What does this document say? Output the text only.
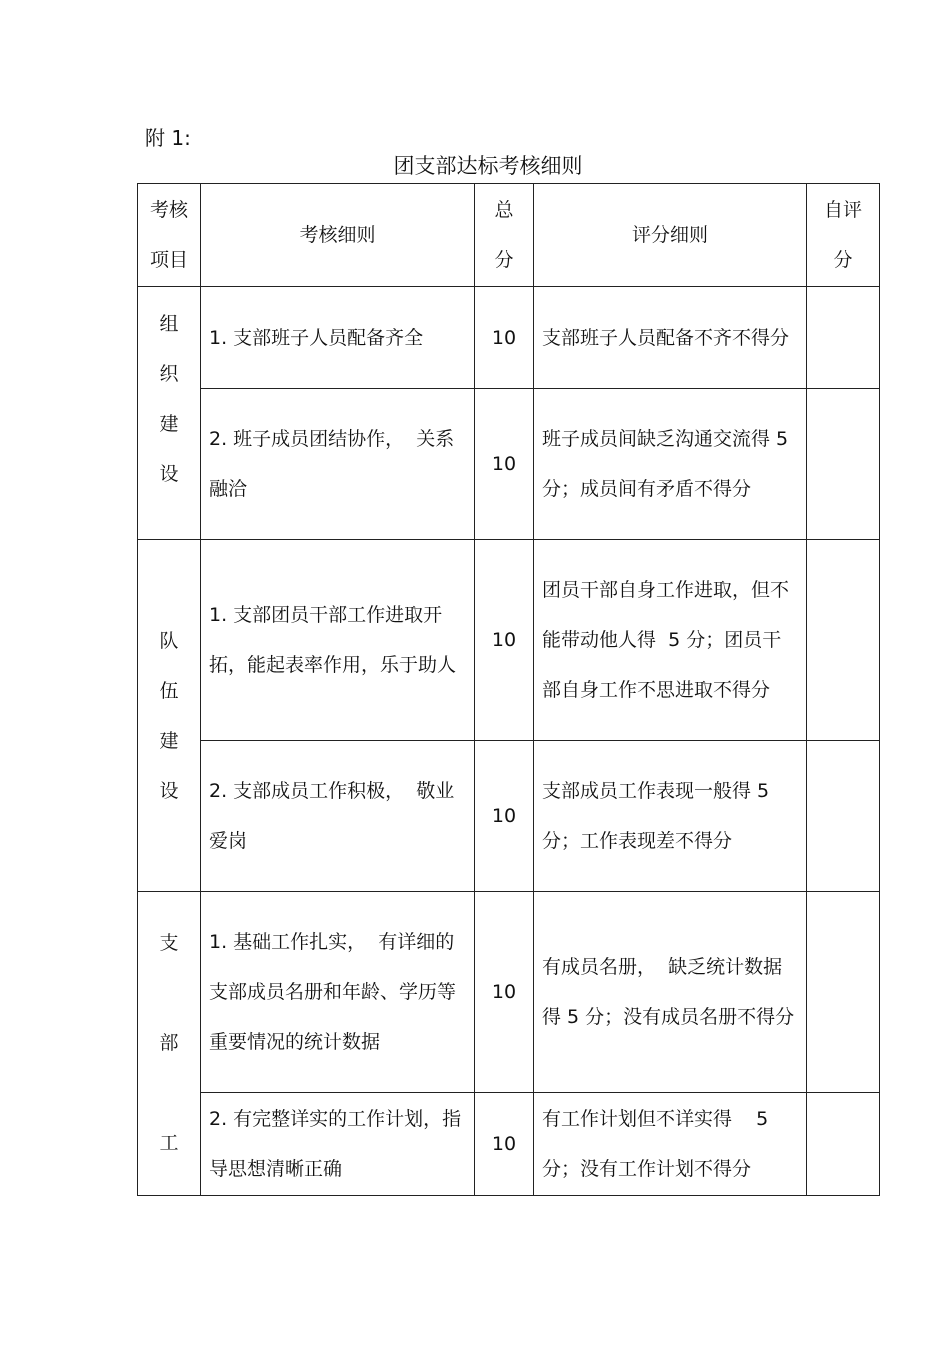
附 1:
团支部达标考核细则
考核项目	考核细则	总分	评分细则	自评分

组织建设	1. 支部班子人员配备齐全	10	支部班子人员配备不齐不得分	
	2. 班子成员团结协作，  关系融洽	10	班子成员间缺乏沟通交流得 5 分；成员间有矛盾不得分	

队伍建设	1. 支部团员干部工作进取开拓，能起表率作用，乐于助人	10	团员干部自身工作进取，但不能带动他人得  5 分；团员干部自身工作不思进取不得分	
	2. 支部成员工作积极，  敬业爱岗	10	支部成员工作表现一般得 5 分；工作表现差不得分	

支部工	1. 基础工作扎实，  有详细的支部成员名册和年龄、学历等重要情况的统计数据	10	有成员名册，  缺乏统计数据得 5 分；没有成员名册不得分	
	2. 有完整详实的工作计划，指导思想清晰正确	10	有工作计划但不详实得    5 分；没有工作计划不得分	
